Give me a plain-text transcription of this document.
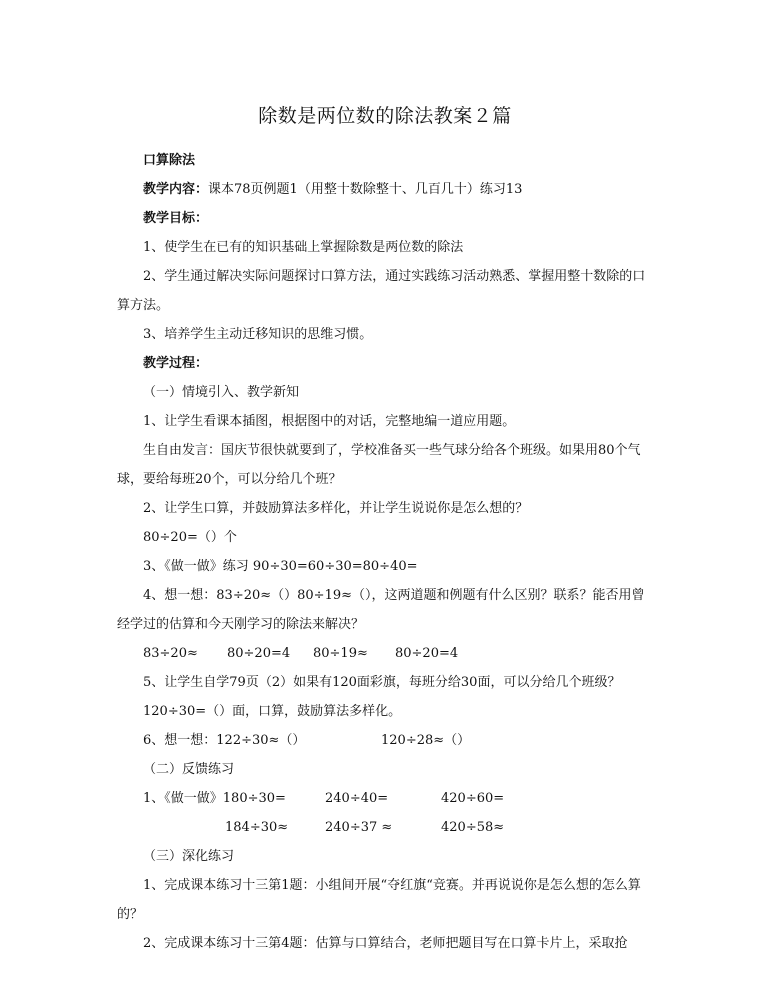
除数是两位数的除法教案２篇

口算除法

教学内容：课本78页例题1（用整十数除整十、几百几十）练习13

教学目标：

1、使学生在已有的知识基础上掌握除数是两位数的除法

2、学生通过解决实际问题探讨口算方法，通过实践练习活动熟悉、掌握用整十数除的口算方法。

3、培养学生主动迁移知识的思维习惯。

教学过程：

（一）情境引入、教学新知

1、让学生看课本插图，根据图中的对话，完整地编一道应用题。

生自由发言：国庆节很快就要到了，学校准备买一些气球分给各个班级。如果用80个气球，要给每班20个，可以分给几个班？

2、让学生口算，并鼓励算法多样化，并让学生说说你是怎么想的？

80÷20=（）个

3、《做一做》练习 90÷30=60÷30=80÷40=

4、想一想：83÷20≈（）80÷19≈（），这两道题和例题有什么区别？联系？能否用曾经学过的估算和今天刚学习的除法来解决？

83÷20≈ 80÷20=4 80÷19≈ 80÷20=4

5、让学生自学79页（2）如果有120面彩旗，每班分给30面，可以分给几个班级？

120÷30=（）面，口算，鼓励算法多样化。

6、想一想：122÷30≈（）	120÷28≈（）

（二）反馈练习

1、《做一做》180÷30=	240÷40=	420÷60=
184÷30≈	240÷37 ≈	420÷58≈

（三）深化练习

1、完成课本练习十三第1题：小组间开展“夺红旗“竞赛。并再说说你是怎么想的怎么算的？

2、完成课本练习十三第4题：估算与口算结合，老师把题目写在口算卡片上，采取抢
